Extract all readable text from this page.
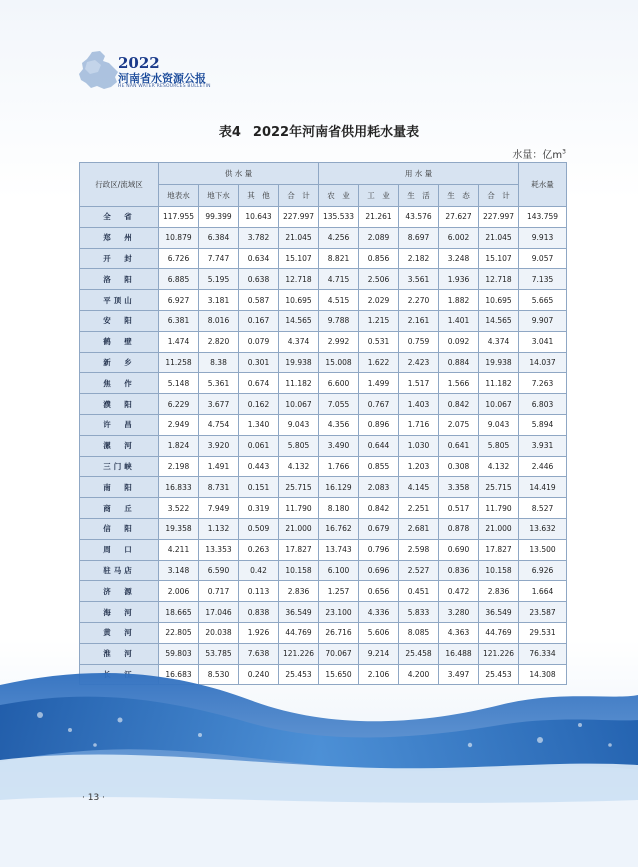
2022
河南省水资源公报
HE NAN WATER RESOURCES BULLETIN
表4 2022年河南省供用耗水量表
水量：亿$m^3$
行政区/流域区	供 水 量				用 水 量					耗水量
	地表水	地下水	其　他	合　计	农　业	工　业	生　活	生　态	合　计	
全　省	117.955	99.399	10.643	227.997	135.533	21.261	43.576	27.627	227.997	143.759
郑　州	10.879	6.384	3.782	21.045	4.256	2.089	8.697	6.002	21.045	9.913
开　封	6.726	7.747	0.634	15.107	8.821	0.856	2.182	3.248	15.107	9.057
洛　阳	6.885	5.195	0.638	12.718	4.715	2.506	3.561	1.936	12.718	7.135
平顶山	6.927	3.181	0.587	10.695	4.515	2.029	2.270	1.882	10.695	5.665
安　阳	6.381	8.016	0.167	14.565	9.788	1.215	2.161	1.401	14.565	9.907
鹤　壁	1.474	2.820	0.079	4.374	2.992	0.531	0.759	0.092	4.374	3.041
新　乡	11.258	8.38	0.301	19.938	15.008	1.622	2.423	0.884	19.938	14.037
焦　作	5.148	5.361	0.674	11.182	6.600	1.499	1.517	1.566	11.182	7.263
濮　阳	6.229	3.677	0.162	10.067	7.055	0.767	1.403	0.842	10.067	6.803
许　昌	2.949	4.754	1.340	9.043	4.356	0.896	1.716	2.075	9.043	5.894
漯　河	1.824	3.920	0.061	5.805	3.490	0.644	1.030	0.641	5.805	3.931
三门峡	2.198	1.491	0.443	4.132	1.766	0.855	1.203	0.308	4.132	2.446
南　阳	16.833	8.731	0.151	25.715	16.129	2.083	4.145	3.358	25.715	14.419
商　丘	3.522	7.949	0.319	11.790	8.180	0.842	2.251	0.517	11.790	8.527
信　阳	19.358	1.132	0.509	21.000	16.762	0.679	2.681	0.878	21.000	13.632
周　口	4.211	13.353	0.263	17.827	13.743	0.796	2.598	0.690	17.827	13.500
驻马店	3.148	6.590	0.42	10.158	6.100	0.696	2.527	0.836	10.158	6.926
济　源	2.006	0.717	0.113	2.836	1.257	0.656	0.451	0.472	2.836	1.664
海　河	18.665	17.046	0.838	36.549	23.100	4.336	5.833	3.280	36.549	23.587
黄　河	22.805	20.038	1.926	44.769	26.716	5.606	8.085	4.363	44.769	29.531
淮　河	59.803	53.785	7.638	121.226	70.067	9.214	25.458	16.488	121.226	76.334
	16.683	8.530	0.240	25.453	15.650	2.106	4.200	3.497	25.453	14.308
· 13 ·
